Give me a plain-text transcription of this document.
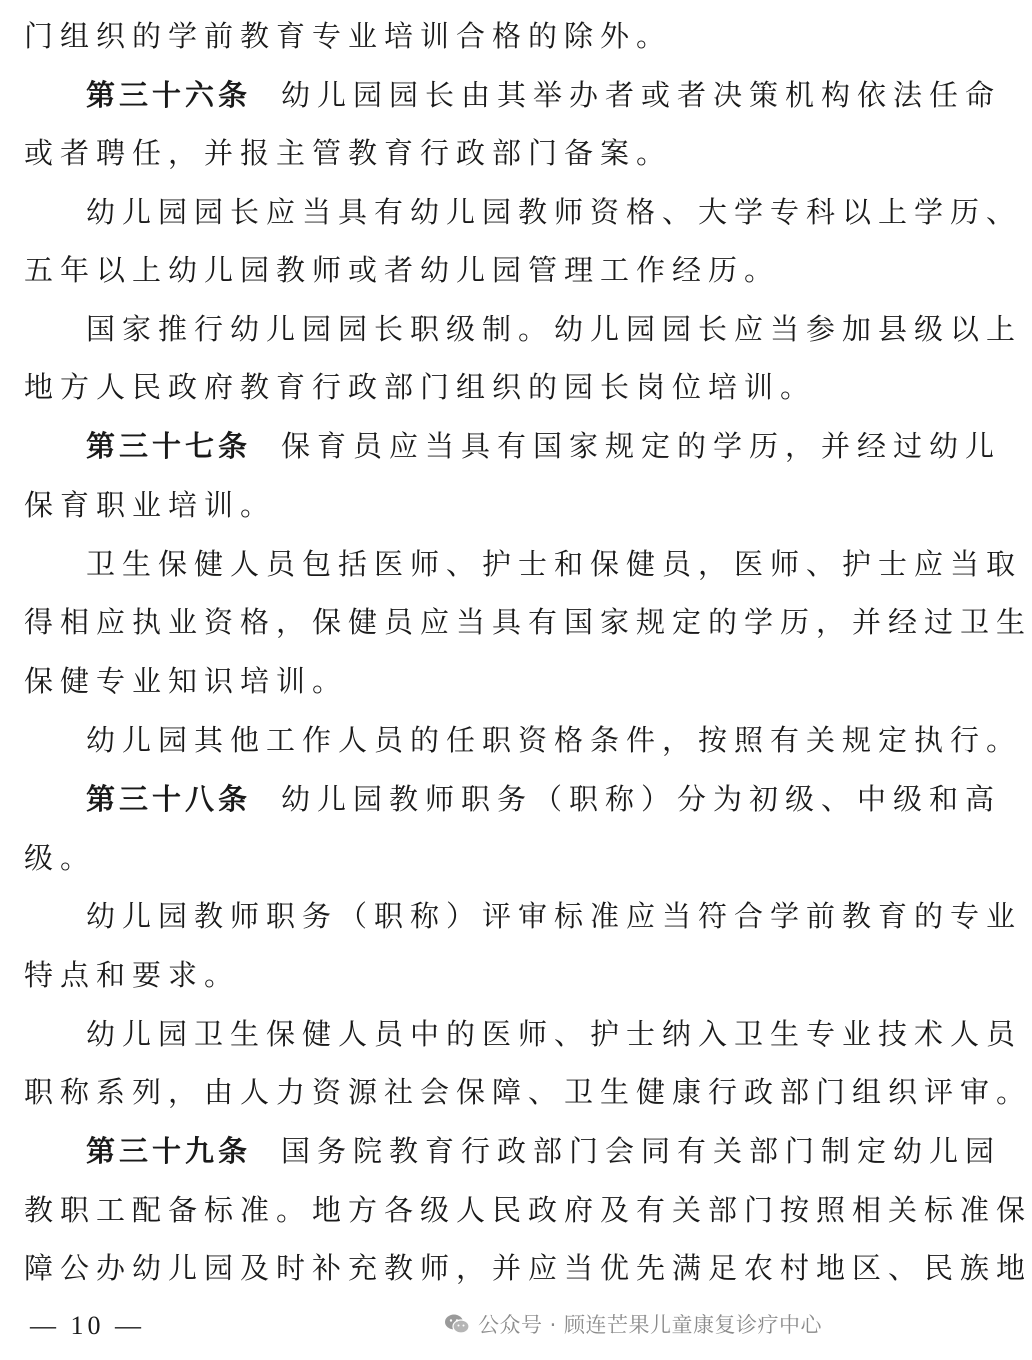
门组织的学前教育专业培训合格的除外。
第三十六条 幼儿园园长由其举办者或者决策机构依法任命
或者聘任，并报主管教育行政部门备案。
幼儿园园长应当具有幼儿园教师资格、大学专科以上学历、
五年以上幼儿园教师或者幼儿园管理工作经历。
国家推行幼儿园园长职级制。幼儿园园长应当参加县级以上
地方人民政府教育行政部门组织的园长岗位培训。
第三十七条 保育员应当具有国家规定的学历，并经过幼儿
保育职业培训。
卫生保健人员包括医师、护士和保健员，医师、护士应当取
得相应执业资格，保健员应当具有国家规定的学历，并经过卫生
保健专业知识培训。
幼儿园其他工作人员的任职资格条件，按照有关规定执行。
第三十八条 幼儿园教师职务（职称）分为初级、中级和高
级。
幼儿园教师职务（职称）评审标准应当符合学前教育的专业
特点和要求。
幼儿园卫生保健人员中的医师、护士纳入卫生专业技术人员
职称系列，由人力资源社会保障、卫生健康行政部门组织评审。
第三十九条 国务院教育行政部门会同有关部门制定幼儿园
教职工配备标准。地方各级人民政府及有关部门按照相关标准保
障公办幼儿园及时补充教师，并应当优先满足农村地区、民族地
— 10 —	公众号 · 顾连芒果儿童康复诊疗中心
